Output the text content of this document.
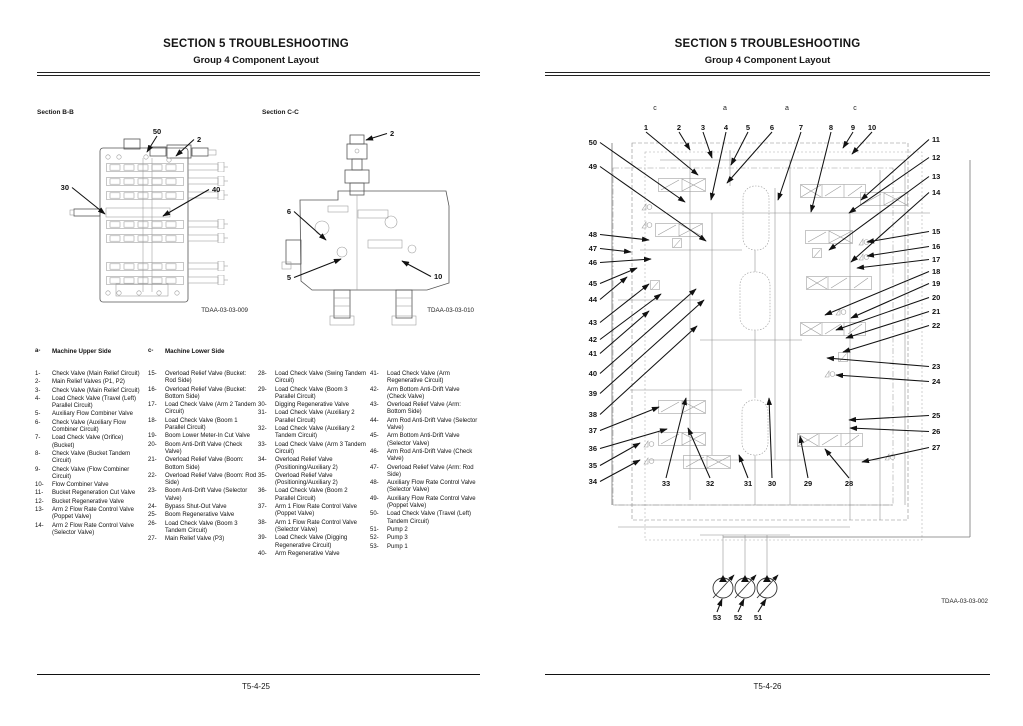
SECTION 5 TROUBLESHOOTING
Group 4 Component Layout
Section B-B	Section C-C
50
2
30	40
2
6
5	10
TDAA-03-03-009	TDAA-03-03-010
a-	Machine Upper Side	c-	Machine Lower Side
1-	Check Valve (Main Relief Circuit)
2-	Main Relief Valves (P1, P2)
3-	Check Valve (Main Relief Circuit)
4-	Load Check Valve (Travel (Left) Parallel Circuit)
5-	Auxiliary Flow Combiner Valve
6-	Check Valve (Auxiliary Flow Combiner Circuit)
7-	Load Check Valve (Orifice) (Bucket)
8-	Check Valve (Bucket Tandem Circuit)
9-	Check Valve (Flow Combiner Circuit)
10-	Flow Combiner Valve
11-	Bucket Regeneration Cut Valve
12-	Bucket Regenerative Valve
13-	Arm 2 Flow Rate Control Valve (Poppet Valve)
14-	Arm 2 Flow Rate Control Valve (Selector Valve)
15-	Overload Relief Valve (Bucket: Rod Side)
16-	Overload Relief Valve (Bucket: Bottom Side)
17-	Load Check Valve (Arm 2 Tandem Circuit)
18-	Load Check Valve (Boom 1 Parallel Circuit)
19-	Boom Lower Meter-In Cut Valve
20-	Boom Anti-Drift Valve (Check Valve)
21-	Overload Relief Valve (Boom: Bottom Side)
22-	Overload Relief Valve (Boom: Rod Side)
23-	Boom Anti-Drift Valve (Selector Valve)
24-	Bypass Shut-Out Valve
25-	Boom Regenerative Valve
26-	Load Check Valve (Boom 3 Tandem Circuit)
27-	Main Relief Valve (P3)
28-	Load Check Valve (Swing Tandem Circuit)
29-	Load Check Valve (Boom 3 Parallel Circuit)
30-	Digging Regenerative Valve
31-	Load Check Valve (Auxiliary 2 Parallel Circuit)
32-	Load Check Valve (Auxiliary 2 Tandem Circuit)
33-	Load Check Valve (Arm 3 Tandem Circuit)
34-	Overload Relief Valve (Positioning/Auxiliary 2)
35-	Overload Relief Valve (Positioning/Auxiliary 2)
36-	Load Check Valve (Boom 2 Parallel Circuit)
37-	Arm 1 Flow Rate Control Valve (Poppet Valve)
38-	Arm 1 Flow Rate Control Valve (Selector Valve)
39-	Load Check Valve (Digging Regenerative Circuit)
40-	Arm Regenerative Valve
41-	Load Check Valve (Arm Regenerative Circuit)
42-	Arm Bottom Anti-Drift Valve (Check Valve)
43-	Overload Relief Valve (Arm: Bottom Side)
44-	Arm Rod Anti-Drift Valve (Selector Valve)
45-	Arm Bottom Anti-Drift Valve (Selector Valve)
46-	Arm Rod Anti-Drift Valve (Check Valve)
47-	Overload Relief Valve (Arm: Rod Side)
48-	Auxiliary Flow Rate Control Valve (Selector Valve)
49-	Auxiliary Flow Rate Control Valve (Poppet Valve)
50-	Load Check Valve (Travel (Left) Tandem Circuit)
51-	Pump 2
52-	Pump 3
53-	Pump 1
T5-4-25
SECTION 5 TROUBLESHOOTING
Group 4 Component Layout
c	a	a	c
1	2	3	4 5	6	7	8 9 10
50
49
48
47
46
45
44
43
42
41
40
39
38
37
36
35
34
11
12
13
14
15
16
17
18
19
20
21
22
23
24
25
26
27
33	32	31 30	29	28
53 52 51
TDAA-03-03-002
T5-4-26
